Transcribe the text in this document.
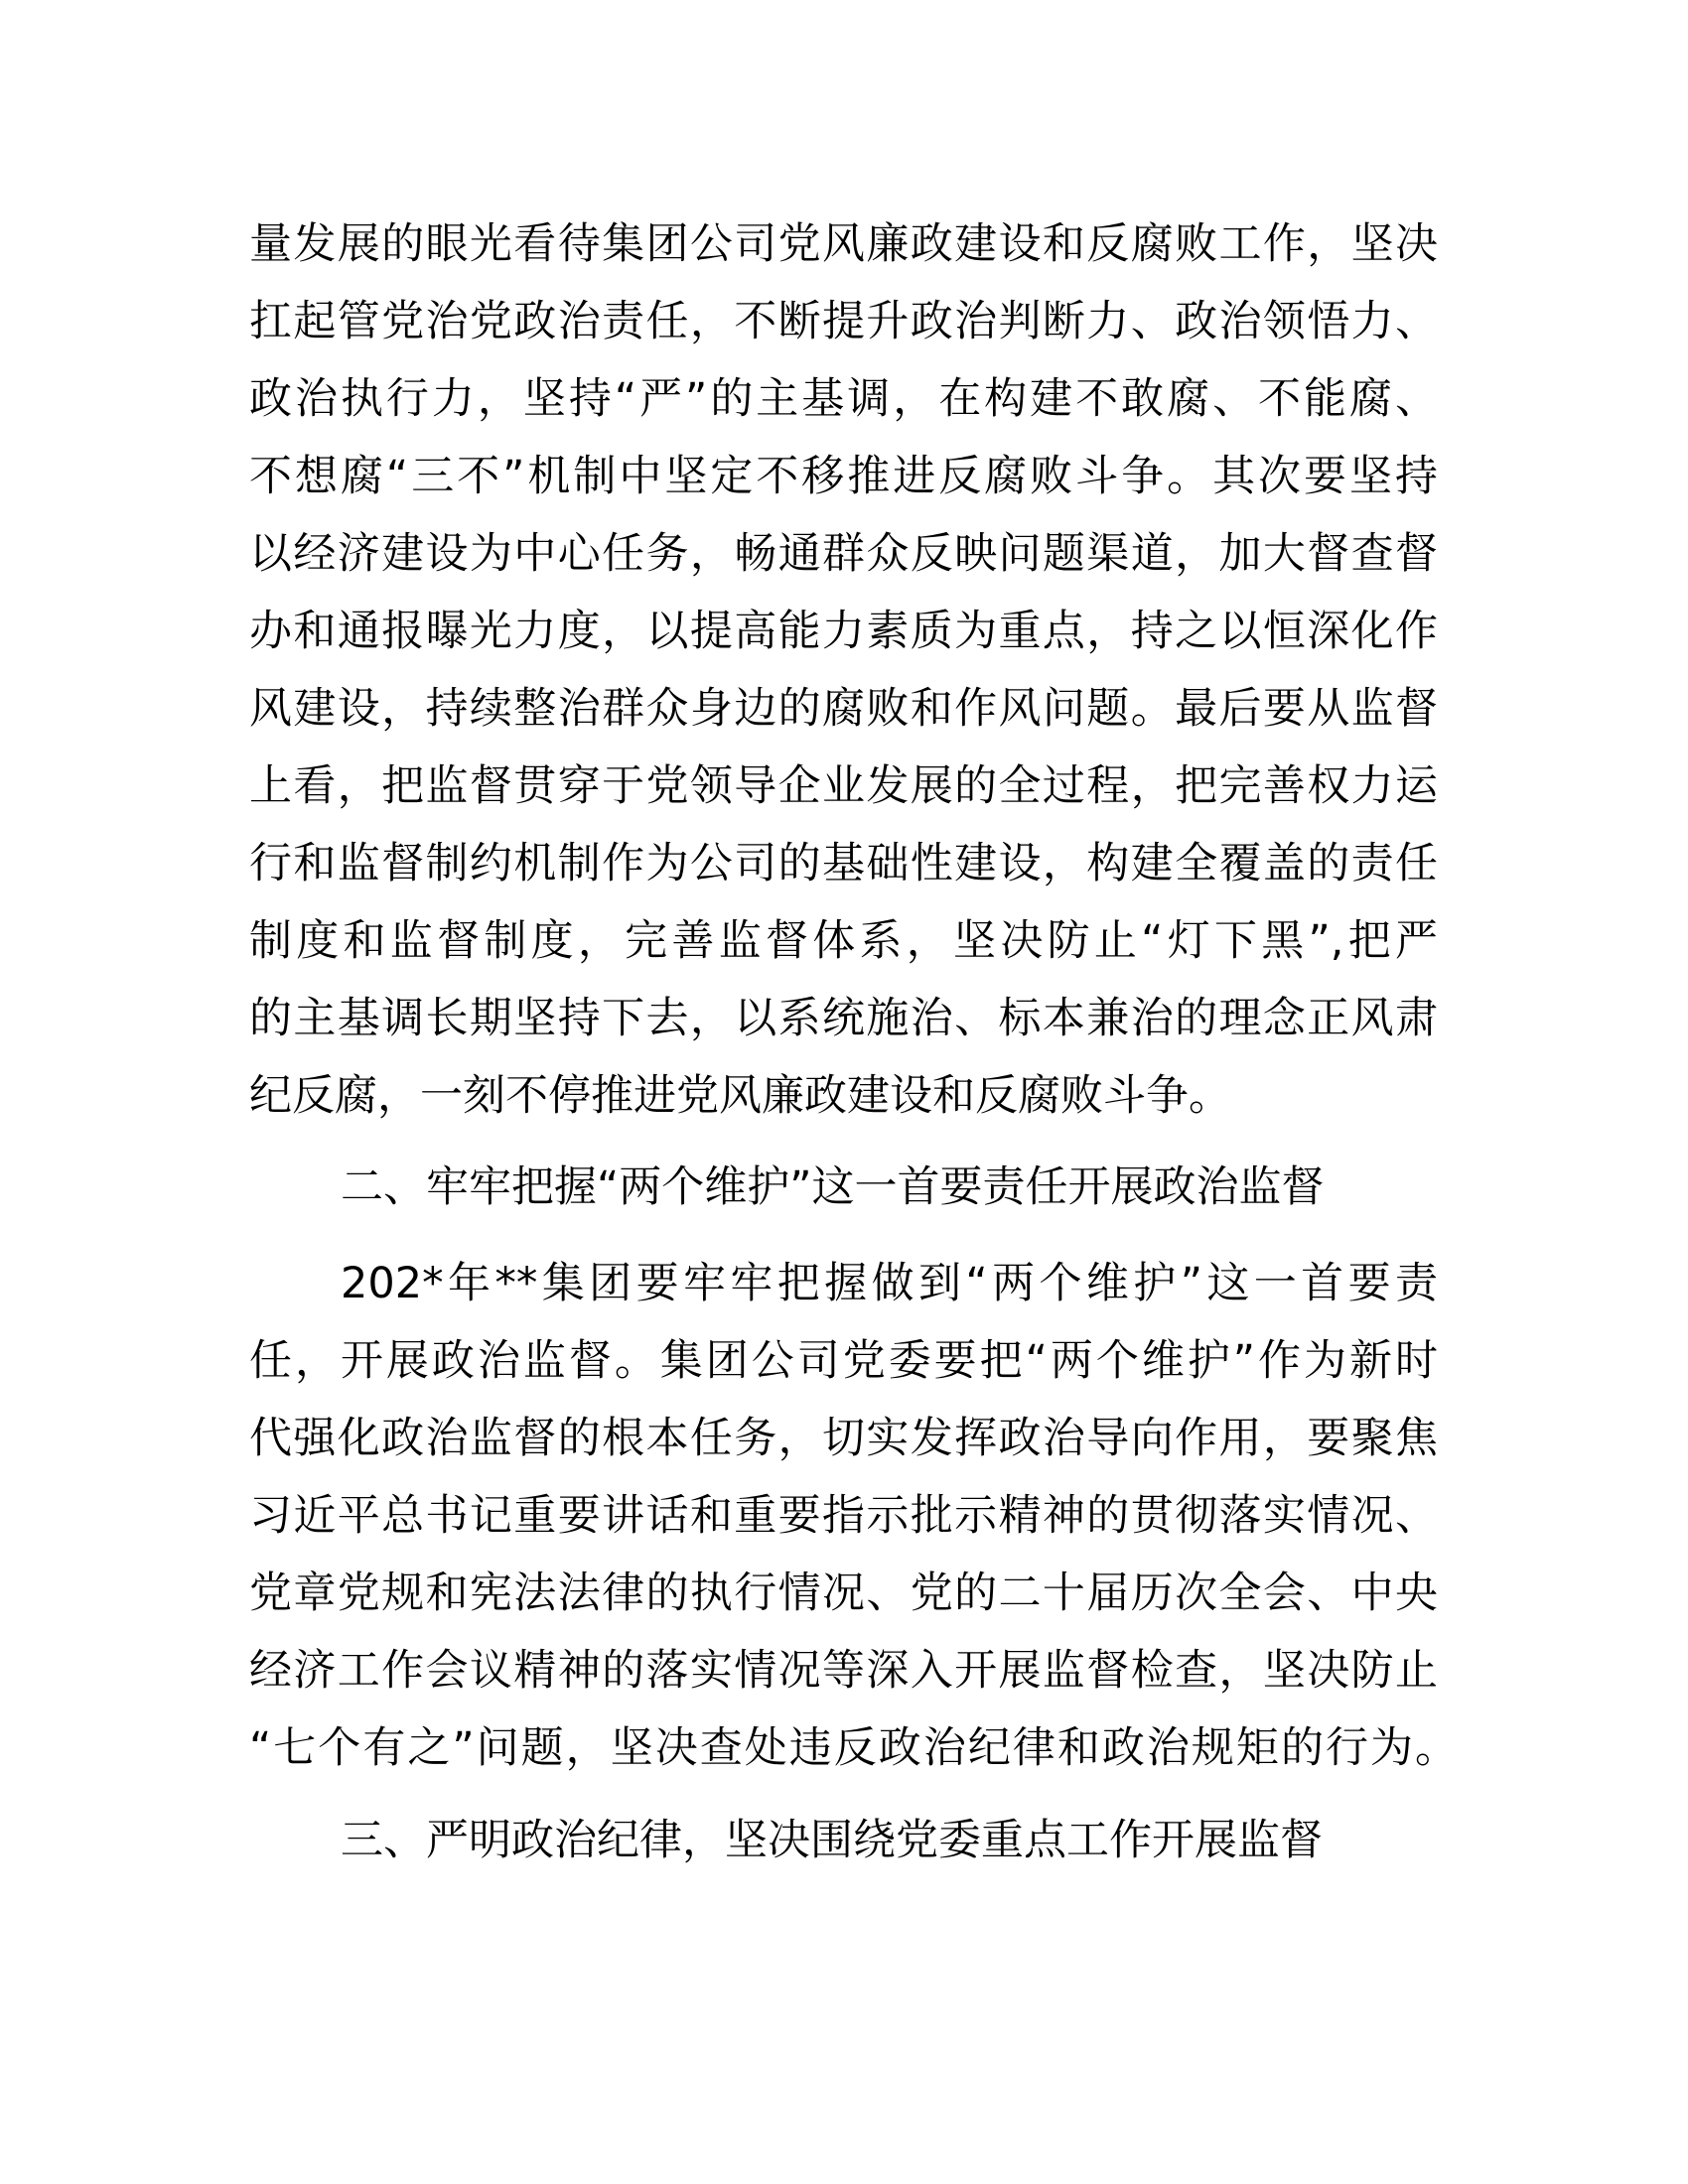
量发展的眼光看待集团公司党风廉政建设和反腐败工作，坚决
扛起管党治党政治责任，不断提升政治判断力、政治领悟力、
政治执行力，坚持“严”的主基调，在构建不敢腐、不能腐、
不想腐“三不”机制中坚定不移推进反腐败斗争。其次要坚持
以经济建设为中心任务，畅通群众反映问题渠道，加大督查督
办和通报曝光力度，以提高能力素质为重点，持之以恒深化作
风建设，持续整治群众身边的腐败和作风问题。最后要从监督
上看，把监督贯穿于党领导企业发展的全过程，把完善权力运
行和监督制约机制作为公司的基础性建设，构建全覆盖的责任
制度和监督制度，完善监督体系，坚决防止“灯下黑”,把严
的主基调长期坚持下去，以系统施治、标本兼治的理念正风肃
纪反腐，一刻不停推进党风廉政建设和反腐败斗争。
二、牢牢把握“两个维护”这一首要责任开展政治监督
202*年**集团要牢牢把握做到“两个维护”这一首要责
任，开展政治监督。集团公司党委要把“两个维护”作为新时
代强化政治监督的根本任务，切实发挥政治导向作用，要聚焦
习近平总书记重要讲话和重要指示批示精神的贯彻落实情况、
党章党规和宪法法律的执行情况、党的二十届历次全会、中央
经济工作会议精神的落实情况等深入开展监督检查，坚决防止
“七个有之”问题，坚决查处违反政治纪律和政治规矩的行为。
三、严明政治纪律，坚决围绕党委重点工作开展监督
